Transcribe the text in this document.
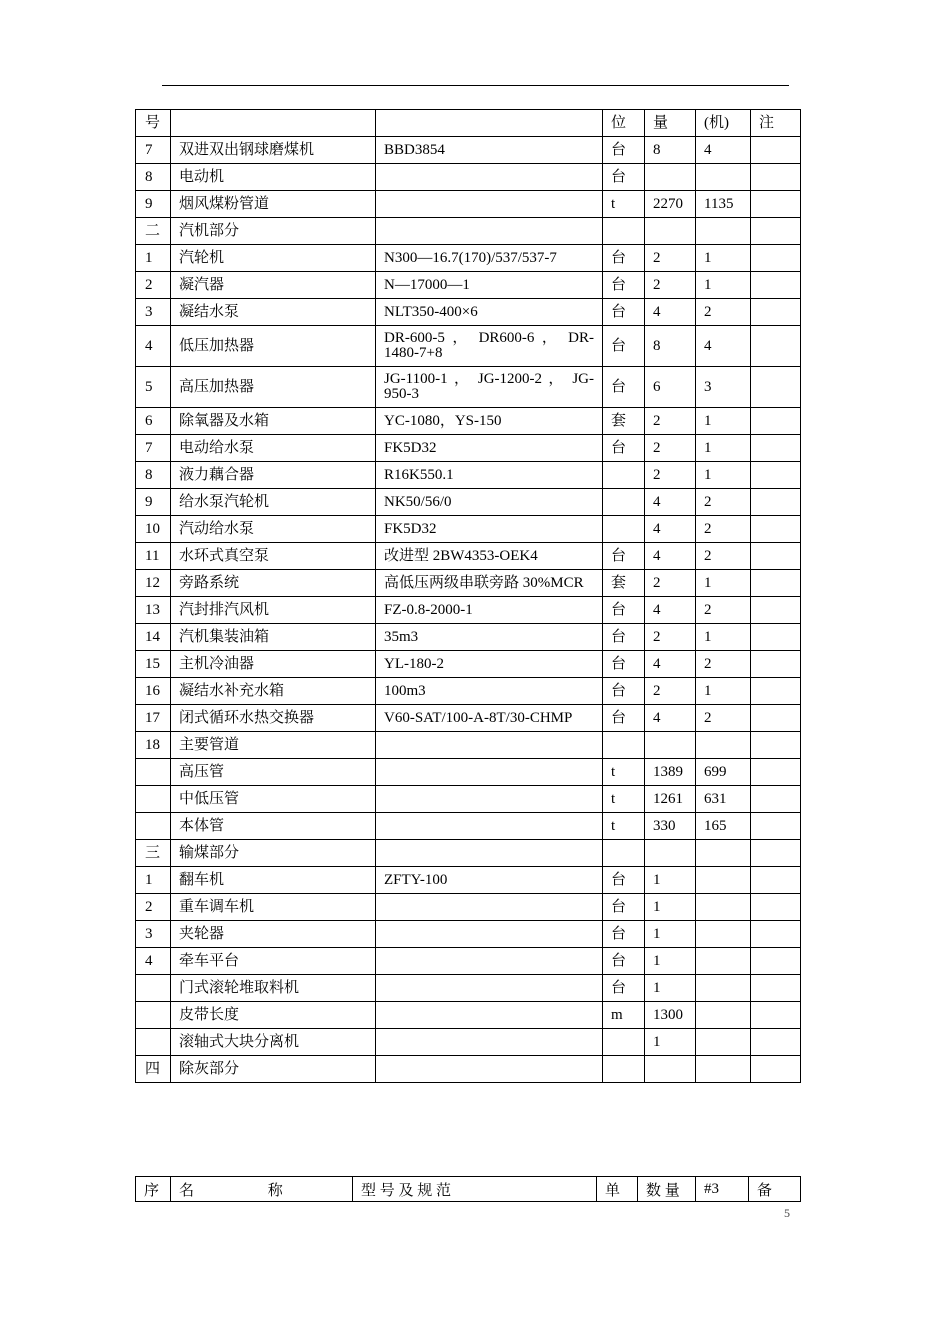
号			位	量	(机)	注
7	双进双出钢球磨煤机	BBD3854	台	8	4	
8	电动机		台			
9	烟风煤粉管道		t	2270	1135	
二	汽机部分					
1	汽轮机	N300—16.7(170)/537/537-7	台	2	1	
2	凝汽器	N—17000—1	台	2	1	
3	凝结水泵	NLT350-400×6	台	4	2	
4	低压加热器	DR-600-5 ， DR600-6 ， DR-1480-7+8	台	8	4	
5	高压加热器	JG-1100-1 ， JG-1200-2 ， JG-950-3	台	6	3	
6	除氧器及水箱	YC-1080，YS-150	套	2	1	
7	电动给水泵	FK5D32	台	2	1	
8	液力藕合器	R16K550.1		2	1	
9	给水泵汽轮机	NK50/56/0		4	2	
10	汽动给水泵	FK5D32		4	2	
11	水环式真空泵	改进型 2BW4353-OEK4	台	4	2	
12	旁路系统	高低压两级串联旁路 30%MCR	套	2	1	
13	汽封排汽风机	FZ-0.8-2000-1	台	4	2	
14	汽机集装油箱	35m3	台	2	1	
15	主机冷油器	YL-180-2	台	4	2	
16	凝结水补充水箱	100m3	台	2	1	
17	闭式循环水热交换器	V60-SAT/100-A-8T/30-CHMP	台	4	2	
18	主要管道					
	高压管		t	1389	699	
	中低压管		t	1261	631	
	本体管		t	330	165	
三	输煤部分					
1	翻车机	ZFTY-100	台	1		
2	重车调车机		台	1		
3	夹轮器		台	1		
4	牵车平台		台	1		
	门式滚轮堆取料机		台	1		
	皮带长度		m	1300		
	滚轴式大块分离机			1		
四	除灰部分					
序	名 称	型 号 及 规 范	单	数 量	#3	备
5
